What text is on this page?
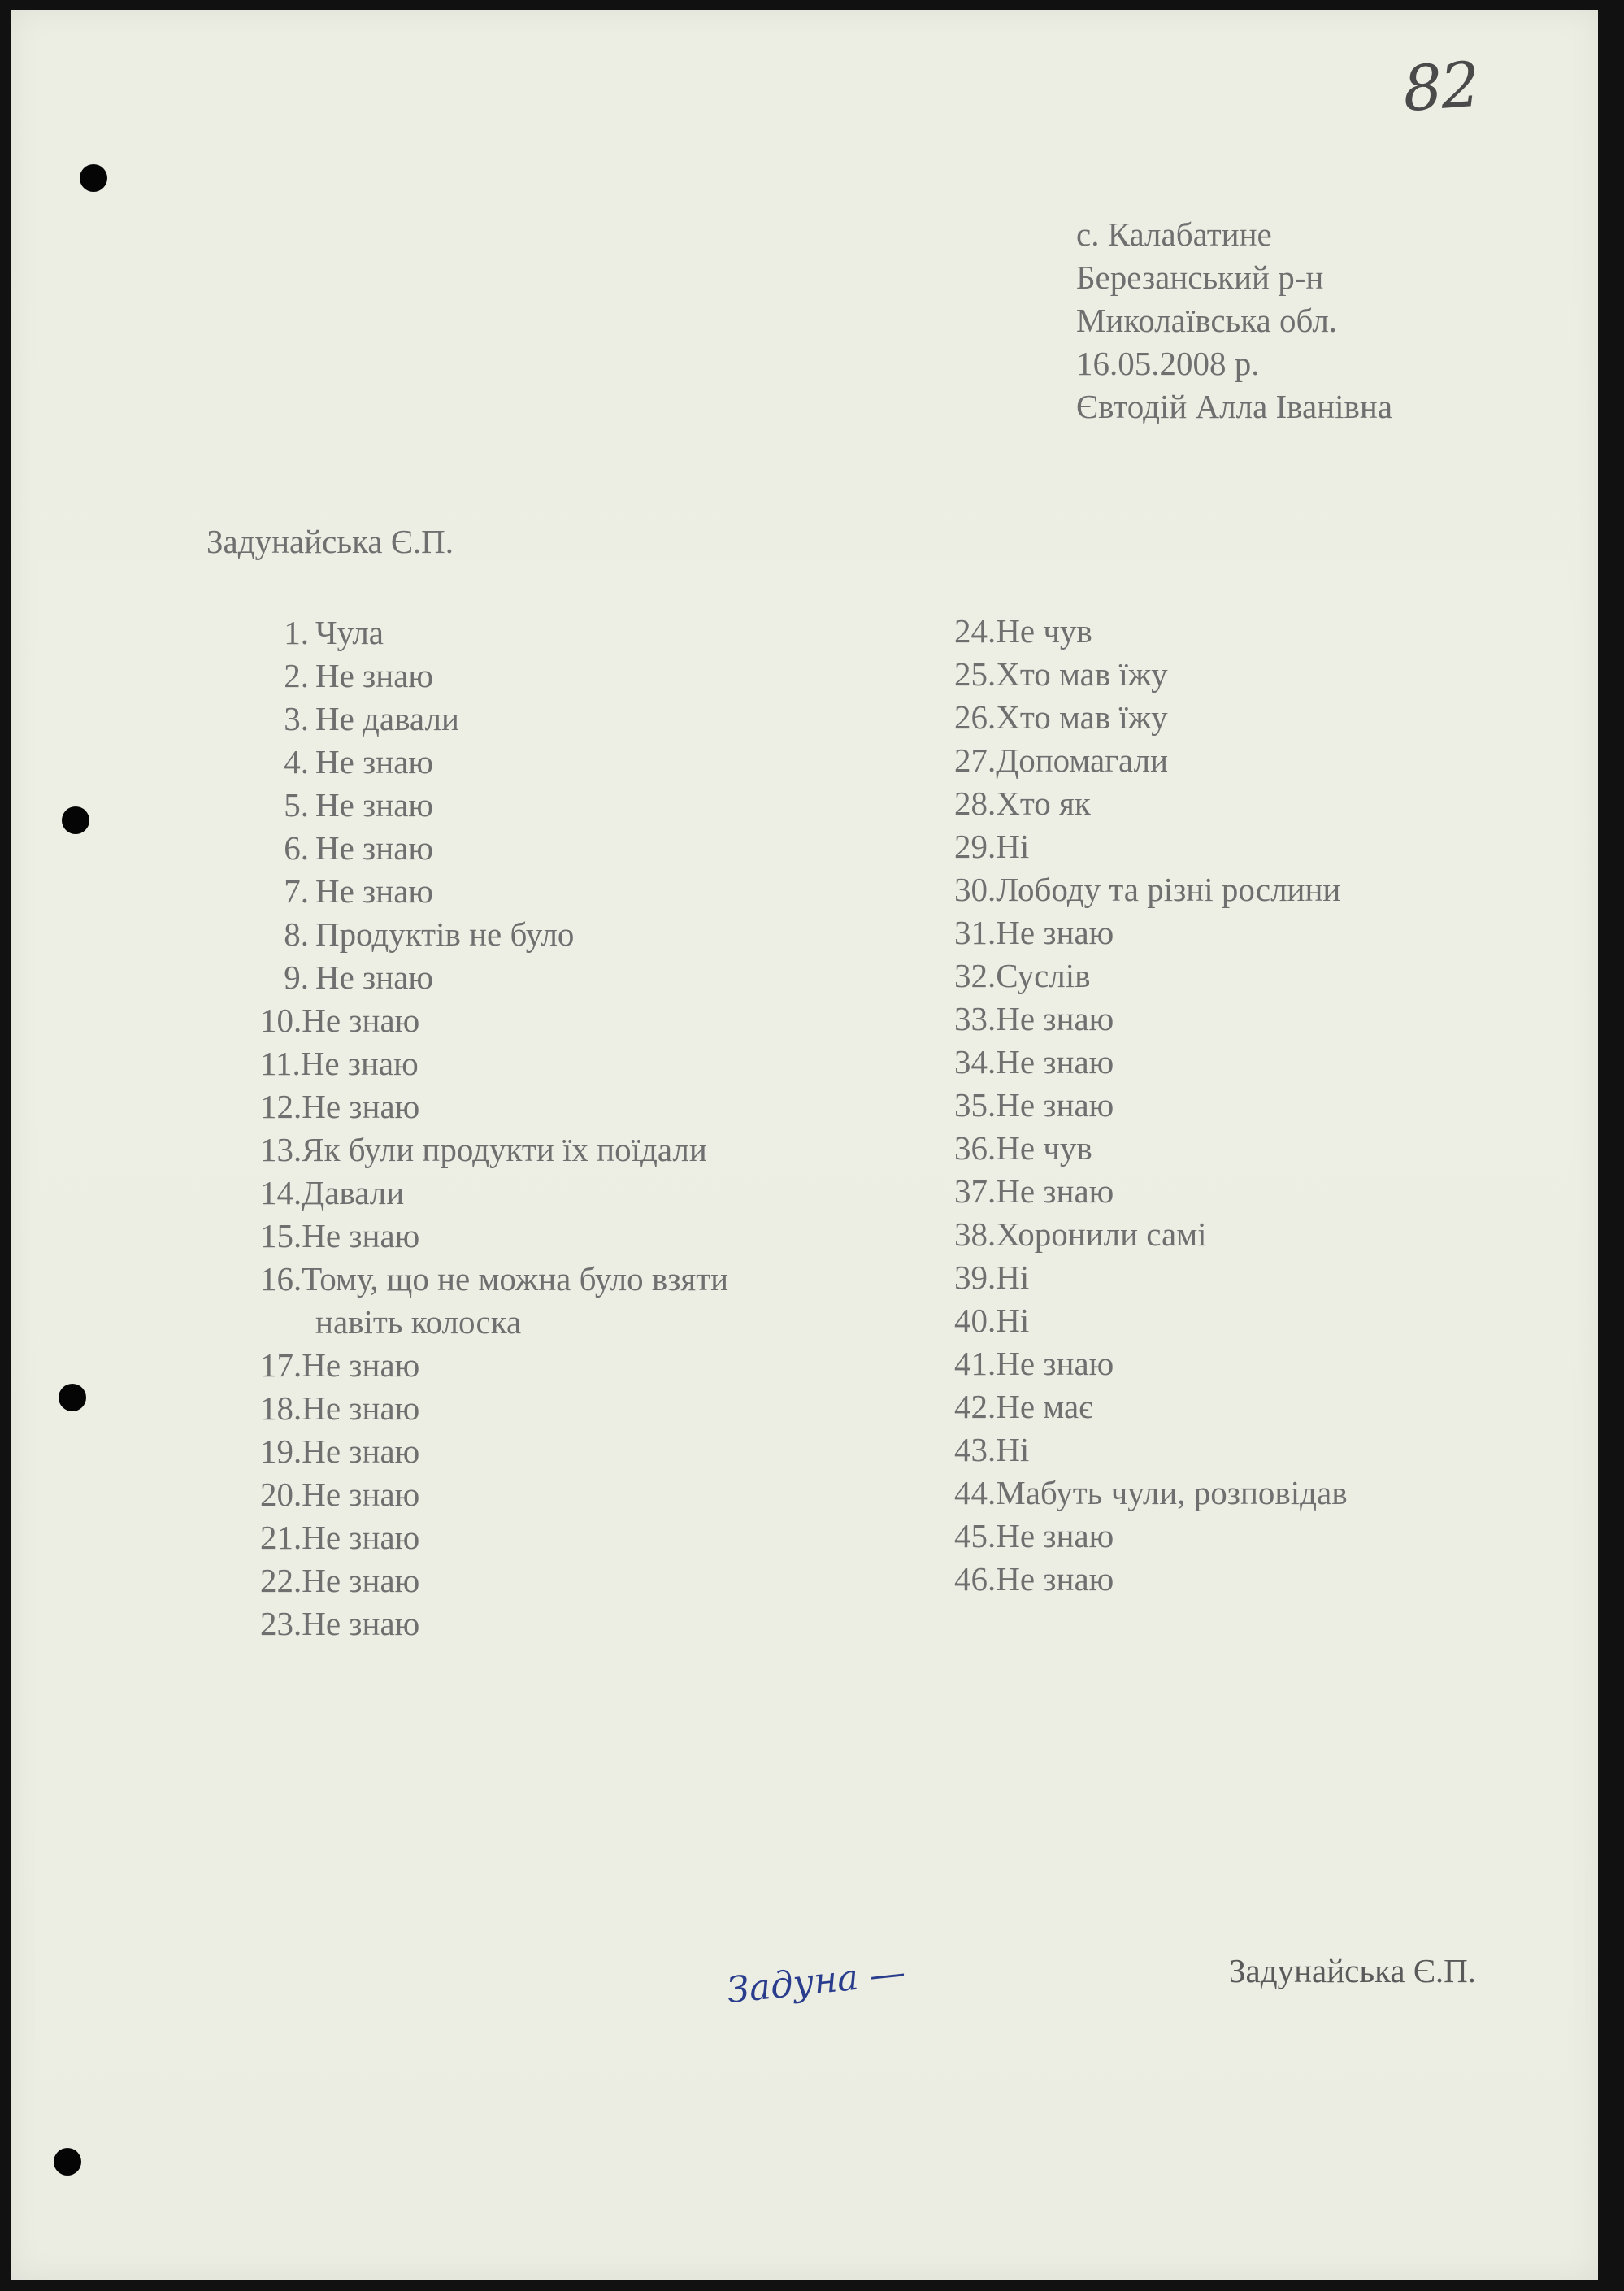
82
с. Калабатине
Березанський р-н
Миколаївська обл.
16.05.2008 р.
Євтодій Алла Іванівна
Задунайська Є.П.
1. Чула
2. Не знаю
3. Не давали
4. Не знаю
5. Не знаю
6. Не знаю
7. Не знаю
8. Продуктів не було
9. Не знаю
10.Не знаю
11.Не знаю
12.Не знаю
13.Як були продукти їх поїдали
14.Давали
15.Не знаю
16.Тому, що не можна було взяти
навіть колоска
17.Не знаю
18.Не знаю
19.Не знаю
20.Не знаю
21.Не знаю
22.Не знаю
23.Не знаю
24.Не чув
25.Хто мав їжу
26.Хто мав їжу
27.Допомагали
28.Хто як
29.Ні
30.Лободу та різні рослини
31.Не знаю
32.Суслів
33.Не знаю
34.Не знаю
35.Не знаю
36.Не чув
37.Не знаю
38.Хоронили самі
39.Ні
40.Ні
41.Не знаю
42.Не має
43.Ні
44.Мабуть чули, розповідав
45.Не знаю
46.Не знаю
Задуна —	Задунайська Є.П.
